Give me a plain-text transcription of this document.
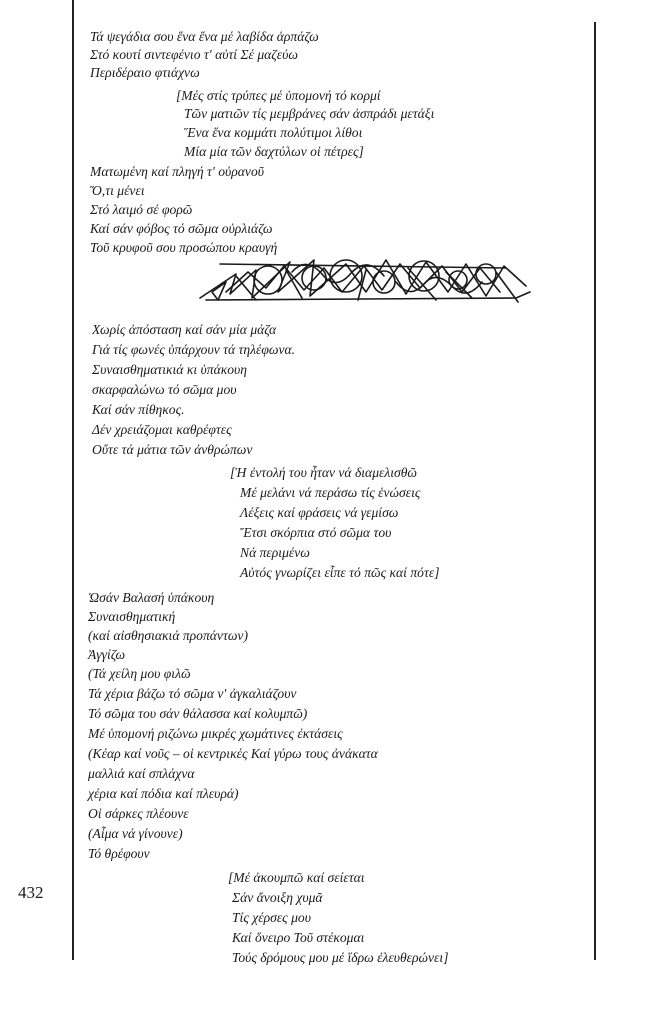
Τά ψεγάδια σου ἕνα ἕνα μέ λαβίδα ἁρπάζω
Στό κουτί σιντεφένιο τ' αὐτί Σέ μαζεύω
Περιδέραιο φτιάχνω
[Μές στίς τρύπες μέ ὑπομονή τό κορμί
Τῶν ματιῶν τίς μεμβράνες σάν ἀσπράδι μετάξι
Ἕνα ἕνα κομμάτι πολύτιμοι λίθοι
Μία μία τῶν δαχτύλων οἱ πέτρες]
Ματωμένη καί πληγή τ' οὐρανοῦ
Ὅ,τι μένει
Στό λαιμό σέ φορῶ
Καί σάν φόβος τό σῶμα οὐρλιάζω
Τοῦ κρυφοῦ σου προσώπου κραυγή
Χωρίς ἀπόσταση καί σάν μία μάζα
Γιά τίς φωνές ὑπάρχουν τά τηλέφωνα.
Συναισθηματικιά κι ὑπάκουη
σκαρφαλώνω τό σῶμα μου
Καί σάν πίθηκος.
Δέν χρειάζομαι καθρέφτες
Οὔτε τά μάτια τῶν ἀνθρώπων
[Ἡ ἐντολή του ἦταν νά διαμελισθῶ
Μέ μελάνι νά περάσω τίς ἑνώσεις
Λέξεις καί φράσεις νά γεμίσω
Ἔτσι σκόρπια στό σῶμα του
Νά περιμένω
Αὐτός γνωρίζει εἶπε τό πῶς καί πότε]
Ὡσάν Βαλασή ὑπάκουη
Συναισθηματική
(καί αἰσθησιακιά προπάντων)
Ἀγγίζω
(Τά χείλη μου φιλῶ
Τά χέρια βάζω τό σῶμα ν' ἀγκαλιάζουν
Τό σῶμα του σάν θάλασσα καί κολυμπῶ)
Μέ ὑπομονή ριζώνω μικρές χωμάτινες ἐκτάσεις
(Κέαρ καί νοῦς – οἱ κεντρικές Καί γύρω τους ἀνάκατα
μαλλιά καί σπλάχνα
χέρια καί πόδια καί πλευρά)
Οἱ σάρκες πλέουνε
(Αἷμα νά γίνουνε)
Τό θρέφουν
[Μέ ἀκουμπῶ καί σείεται
Σάν ἄνοιξη χυμᾶ
Τίς χέρσες μου
Καί ὄνειρο Τοῦ στέκομαι
Τούς δρόμους μου μέ ἵδρω ἐλευθερώνει]
432
